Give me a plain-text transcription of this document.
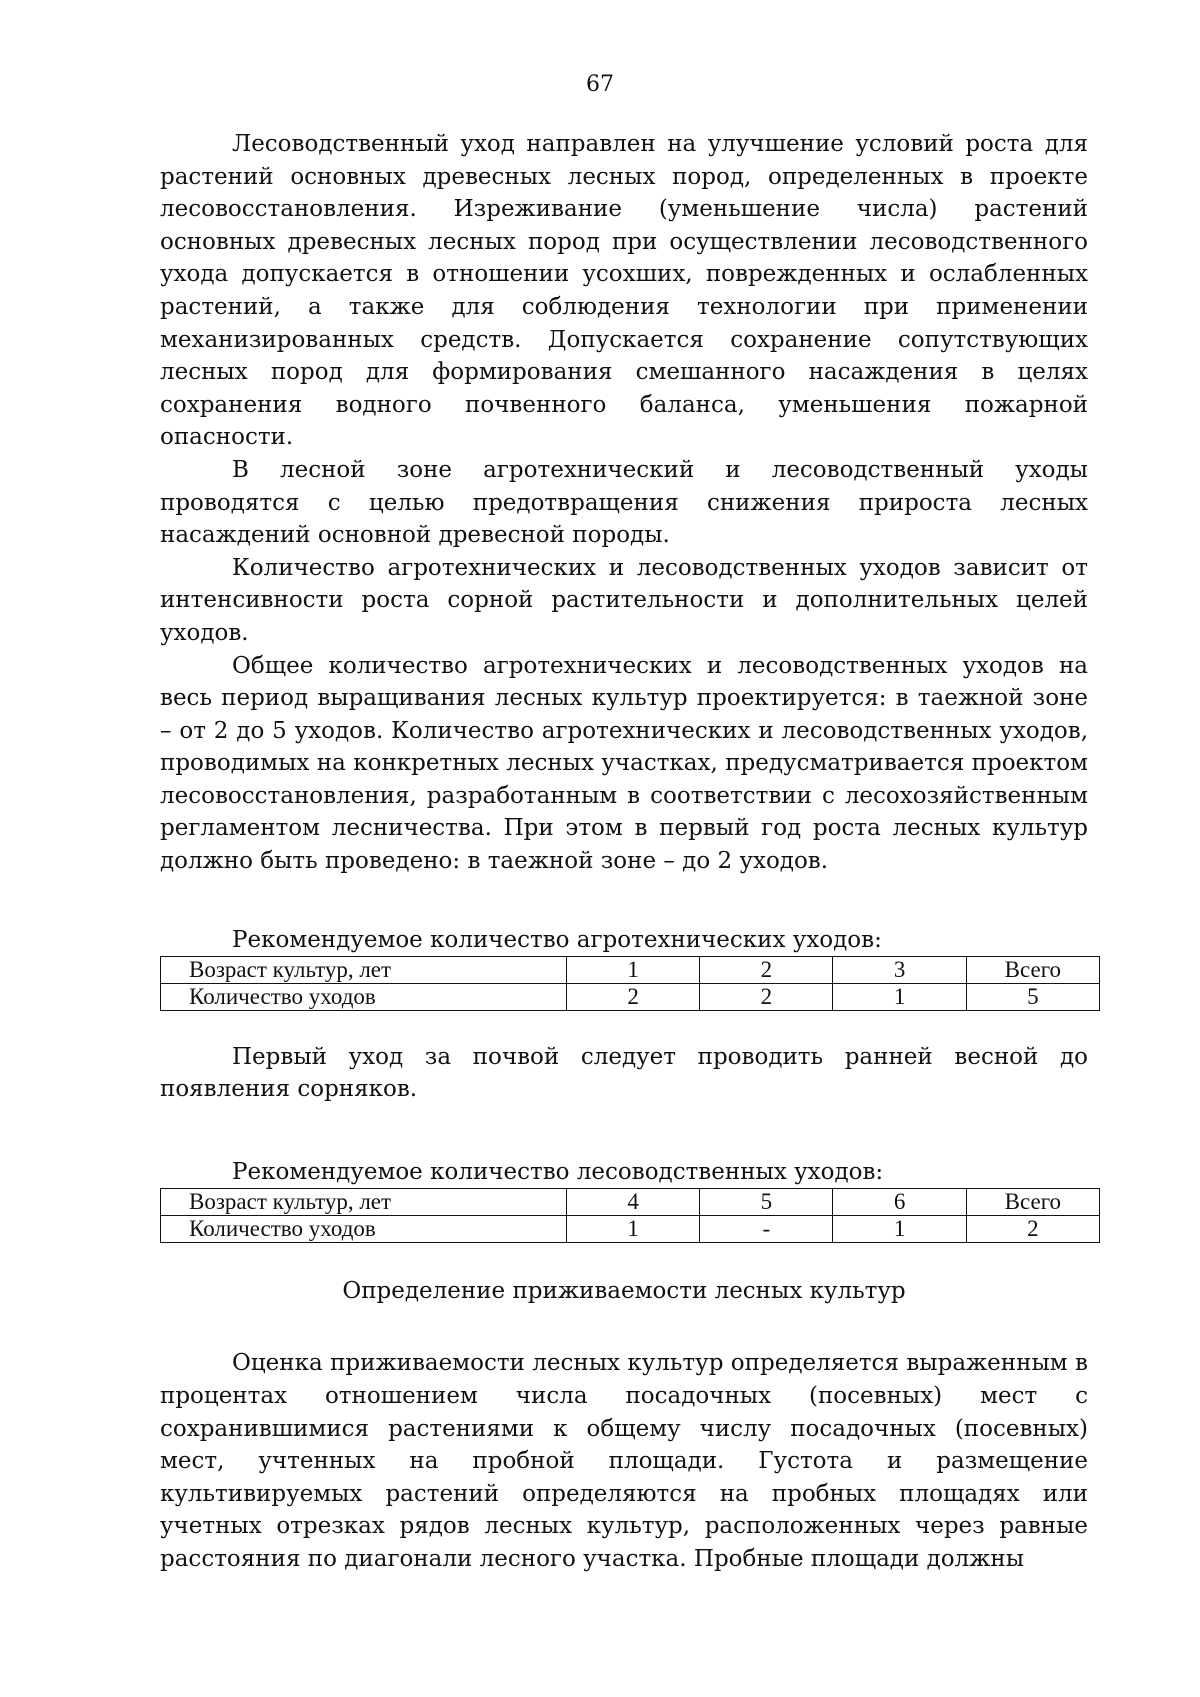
67

Лесоводственный уход направлен на улучшение условий роста для растений основных древесных лесных пород, определенных в проекте лесовосстановления. Изреживание (уменьшение числа) растений основных древесных лесных пород при осуществлении лесоводственного ухода допускается в отношении усохших, поврежденных и ослабленных растений, а также для соблюдения технологии при применении механизированных средств. Допускается сохранение сопутствующих лесных пород для формирования смешанного насаждения в целях сохранения водного почвенного баланса, уменьшения пожарной опасности.

В лесной зоне агротехнический и лесоводственный уходы проводятся с целью предотвращения снижения прироста лесных насаждений основной древесной породы.

Количество агротехнических и лесоводственных уходов зависит от интенсивности роста сорной растительности и дополнительных целей уходов.

Общее количество агротехнических и лесоводственных уходов на весь период выращивания лесных культур проектируется: в таежной зоне – от 2 до 5 уходов. Количество агротехнических и лесоводственных уходов, проводимых на конкретных лесных участках, предусматривается проектом лесовосстановления, разработанным в соответствии с лесохозяйственным регламентом лесничества. При этом в первый год роста лесных культур должно быть проведено: в таежной зоне – до 2 уходов.

Рекомендуемое количество агротехнических уходов:
Возраст культур, лет	1	2	3	Всего
Количество уходов	2	2	1	5

Первый уход за почвой следует проводить ранней весной до появления сорняков.

Рекомендуемое количество лесоводственных уходов:
Возраст культур, лет	4	5	6	Всего
Количество уходов	1	-	1	2
Определение приживаемости лесных культур

Оценка приживаемости лесных культур определяется выраженным в процентах отношением числа посадочных (посевных) мест с сохранившимися растениями к общему числу посадочных (посевных) мест, учтенных на пробной площади. Густота и размещение культивируемых растений определяются на пробных площадях или учетных отрезках рядов лесных культур, расположенных через равные расстояния по диагонали лесного участка. Пробные площади должны
